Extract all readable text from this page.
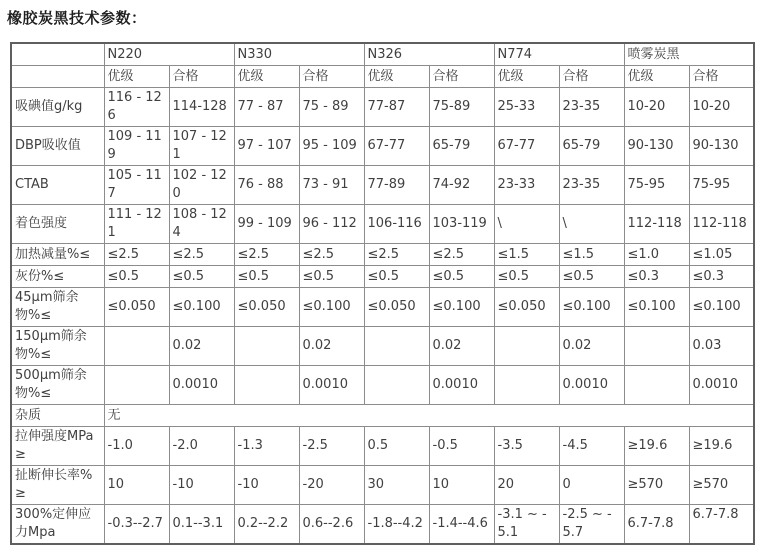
橡胶炭黑技术参数：
	N220		N330		N326		N774		喷雾炭黑	
	优级	合格	优级	合格	优级	合格	优级	合格	优级	合格
吸碘值g/kg	116 - 126	114-128	77 - 87	75 - 89	77-87	75-89	25-33	23-35	10-20	10-20
DBP吸收值	109 - 119	107 - 121	97 - 107	95 - 109	67-77	65-79	67-77	65-79	90-130	90-130
CTAB	105 - 117	102 - 120	76 - 88	73 - 91	77-89	74-92	23-33	23-35	75-95	75-95
着色强度	111 - 121	108 - 124	99 - 109	96 - 112	106-116	103-119	\	\	112-118	112-118
加热减量%≤	≤2.5	≤2.5	≤2.5	≤2.5	≤2.5	≤2.5	≤1.5	≤1.5	≤1.0	≤1.05
灰份%≤	≤0.5	≤0.5	≤0.5	≤0.5	≤0.5	≤0.5	≤0.5	≤0.5	≤0.3	≤0.3
45μm筛余物%≤	≤0.050	≤0.100	≤0.050	≤0.100	≤0.050	≤0.100	≤0.050	≤0.100	≤0.100	≤0.100
150μm筛余物%≤		0.02		0.02		0.02		0.02		0.03
500μm筛余物%≤		0.0010		0.0010		0.0010		0.0010		0.0010
杂质	无									
拉伸强度MPa≥	-1.0	-2.0	-1.3	-2.5	0.5	-0.5	-3.5	-4.5	≥19.6	≥19.6
扯断伸长率%≥	10	-10	-10	-20	30	10	20	0	≥570	≥570
300%定伸应力Mpa	-0.3--2.7	0.1--3.1	0.2--2.2	0.6--2.6	-1.8--4.2	-1.4--4.6	-3.1 ~ -5.1	-2.5 ~ -5.7	6.7-7.8	6.7-7.8
